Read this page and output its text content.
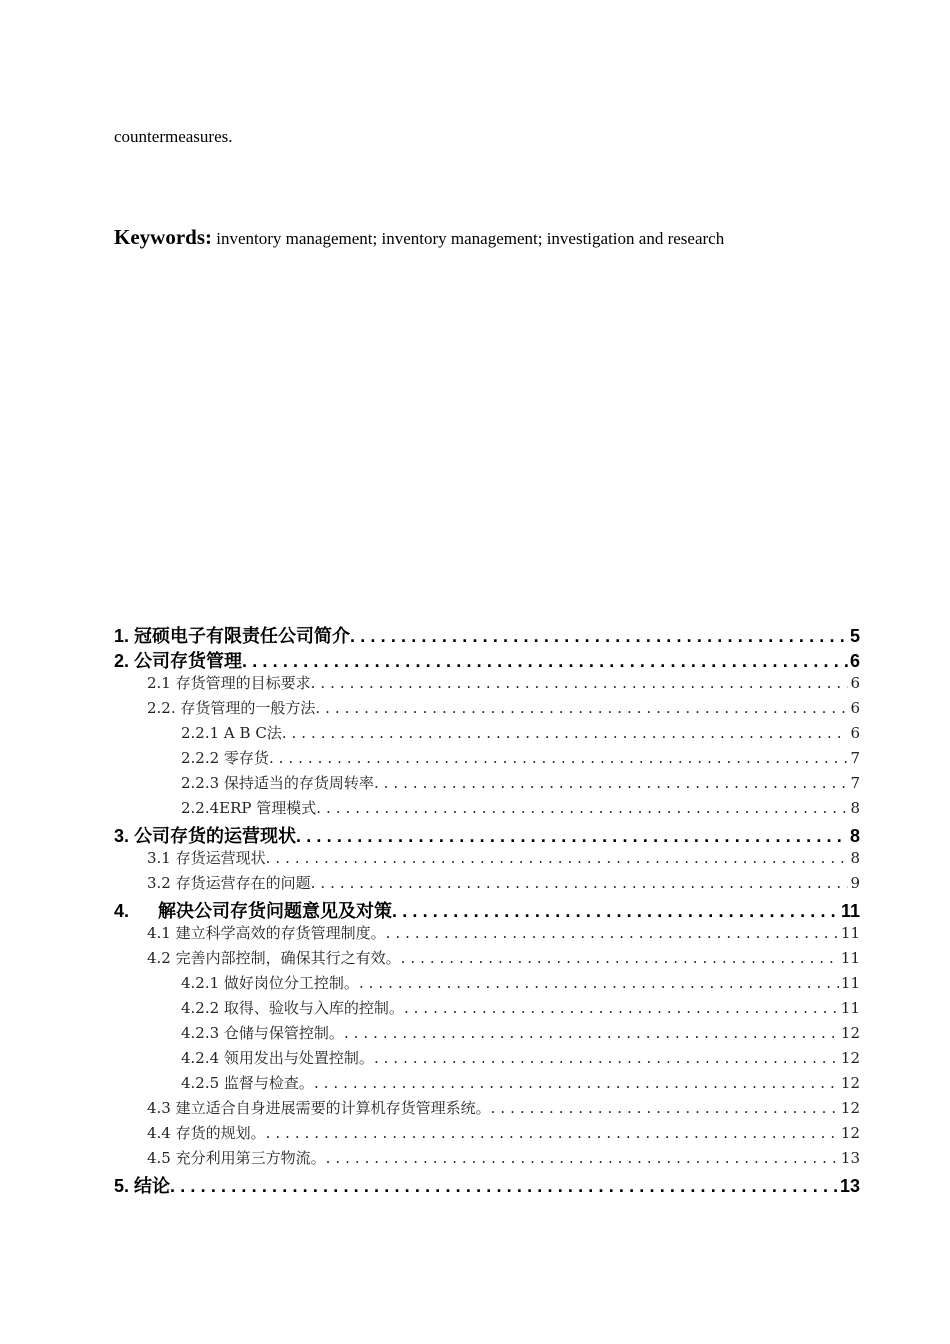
countermeasures.
Keywords: inventory management; inventory management; investigation and research
1. 冠硕电子有限责任公司简介 . . .	5
2. 公司存货管理 . . .	6
2.1 存货管理的目标要求 . . .	6
2.2. 存货管理的一般方法 . . .	6
2.2.1 A B C法 . . .	6
2.2.2 零存货 . . .	7
2.2.3 保持适当的存货周转率 . . .	7
2.2.4ERP 管理模式 . . .	8
3. 公司存货的运营现状 . . .	8
3.1 存货运营现状 . . .	8
3.2 存货运营存在的问题 . . .	9
4. 解决公司存货问题意见及对策 . . .	11
4.1 建立科学高效的存货管理制度。 . . .	11
4.2 完善内部控制，确保其行之有效。 . . .	11
4.2.1 做好岗位分工控制。 . . .	11
4.2.2 取得、验收与入库的控制。 . . .	11
4.2.3 仓储与保管控制。 . . .	12
4.2.4 领用发出与处置控制。 . . .	12
4.2.5 监督与检查。 . . .	12
4.3 建立适合自身进展需要的计算机存货管理系统。 . . .	12
4.4 存货的规划。 . . .	12
4.5 充分利用第三方物流。 . . .	13
5. 结论 . . .	13
